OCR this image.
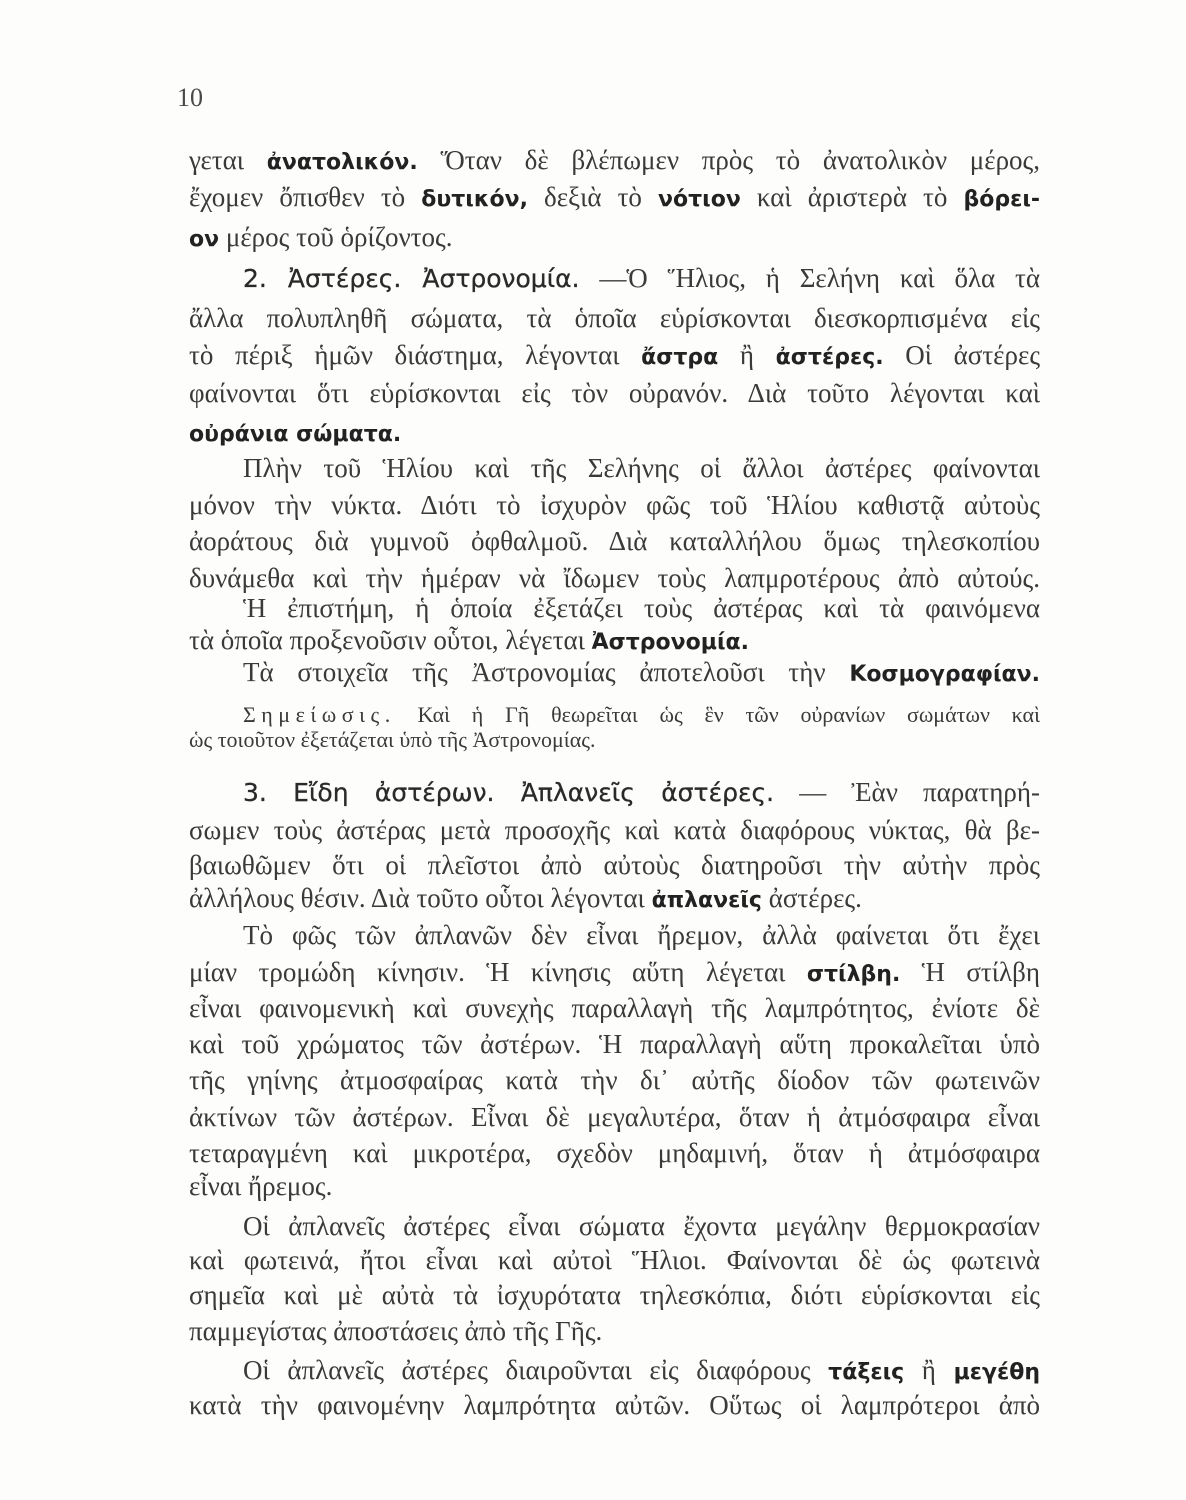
10
γεται ἀνατολικόν. Ὅταν δὲ βλέπωμεν πρὸς τὸ ἀνατολικὸν μέρος,
ἔχομεν ὄπισθεν τὸ δυτικόν, δεξιὰ τὸ νότιον καὶ ἀριστερὰ τὸ βόρει-
ον μέρος τοῦ ὁρίζοντος.
2. Ἀστέρες. Ἀστρονομία. —Ὁ Ἥλιος, ἡ Σελήνη καὶ ὅλα τὰ
ἄλλα πολυπληθῆ σώματα, τὰ ὁποῖα εὑρίσκονται διεσκορπισμένα εἰς
τὸ πέριξ ἡμῶν διάστημα, λέγονται ἄστρα ἢ ἀστέρες. Οἱ ἀστέρες
φαίνονται ὅτι εὑρίσκονται εἰς τὸν οὐρανόν. Διὰ τοῦτο λέγονται καὶ
οὐράνια σώματα.
Πλὴν τοῦ Ἡλίου καὶ τῆς Σελήνης οἱ ἄλλοι ἀστέρες φαίνονται
μόνον τὴν νύκτα. Διότι τὸ ἰσχυρὸν φῶς τοῦ Ἡλίου καθιστᾷ αὐτοὺς
ἀοράτους διὰ γυμνοῦ ὀφθαλμοῦ. Διὰ καταλλήλου ὅμως τηλεσκοπίου
δυνάμεθα καὶ τὴν ἡμέραν νὰ ἴδωμεν τοὺς λαπμροτέρους ἀπὸ αὐτούς.
Ἡ ἐπιστήμη, ἡ ὁποία ἐξετάζει τοὺς ἀστέρας καὶ τὰ φαινόμενα
τὰ ὁποῖα προξενοῦσιν οὗτοι, λέγεται Ἀστρονομία.
Τὰ στοιχεῖα τῆς Ἀστρονομίας ἀποτελοῦσι τὴν Κοσμογραφίαν.
Σημείωσις. Καὶ ἡ Γῆ θεωρεῖται ὡς ἓν τῶν οὐρανίων σωμάτων καὶ
ὡς τοιοῦτον ἐξετάζεται ὑπὸ τῆς Ἀστρονομίας.
3. Εἴδη ἀστέρων. Ἀπλανεῖς ἀστέρες. — Ἐὰν παρατηρή-
σωμεν τοὺς ἀστέρας μετὰ προσοχῆς καὶ κατὰ διαφόρους νύκτας, θὰ βε-
βαιωθῶμεν ὅτι οἱ πλεῖστοι ἀπὸ αὐτοὺς διατηροῦσι τὴν αὐτὴν πρὸς
ἀλλήλους θέσιν. Διὰ τοῦτο οὗτοι λέγονται ἀπλανεῖς ἀστέρες.
Τὸ φῶς τῶν ἀπλανῶν δὲν εἶναι ἤρεμον, ἀλλὰ φαίνεται ὅτι ἔχει
μίαν τρομώδη κίνησιν. Ἡ κίνησις αὕτη λέγεται στίλβη. Ἡ στίλβη
εἶναι φαινομενικὴ καὶ συνεχὴς παραλλαγὴ τῆς λαμπρότητος, ἐνίοτε δὲ
καὶ τοῦ χρώματος τῶν ἀστέρων. Ἡ παραλλαγὴ αὕτη προκαλεῖται ὑπὸ
τῆς γηίνης ἀτμοσφαίρας κατὰ τὴν δι᾽ αὐτῆς δίοδον τῶν φωτεινῶν
ἀκτίνων τῶν ἀστέρων. Εἶναι δὲ μεγαλυτέρα, ὅταν ἡ ἀτμόσφαιρα εἶναι
τεταραγμένη καὶ μικροτέρα, σχεδὸν μηδαμινή, ὅταν ἡ ἀτμόσφαιρα
εἶναι ἤρεμος.
Οἱ ἀπλανεῖς ἀστέρες εἶναι σώματα ἔχοντα μεγάλην θερμοκρασίαν
καὶ φωτεινά, ἤτοι εἶναι καὶ αὐτοὶ Ἥλιοι. Φαίνονται δὲ ὡς φωτεινὰ
σημεῖα καὶ μὲ αὐτὰ τὰ ἰσχυρότατα τηλεσκόπια, διότι εὑρίσκονται εἰς
παμμεγίστας ἀποστάσεις ἀπὸ τῆς Γῆς.
Οἱ ἀπλανεῖς ἀστέρες διαιροῦνται εἰς διαφόρους τάξεις ἢ μεγέθη
κατὰ τὴν φαινομένην λαμπρότητα αὐτῶν. Οὕτως οἱ λαμπρότεροι ἀπὸ
